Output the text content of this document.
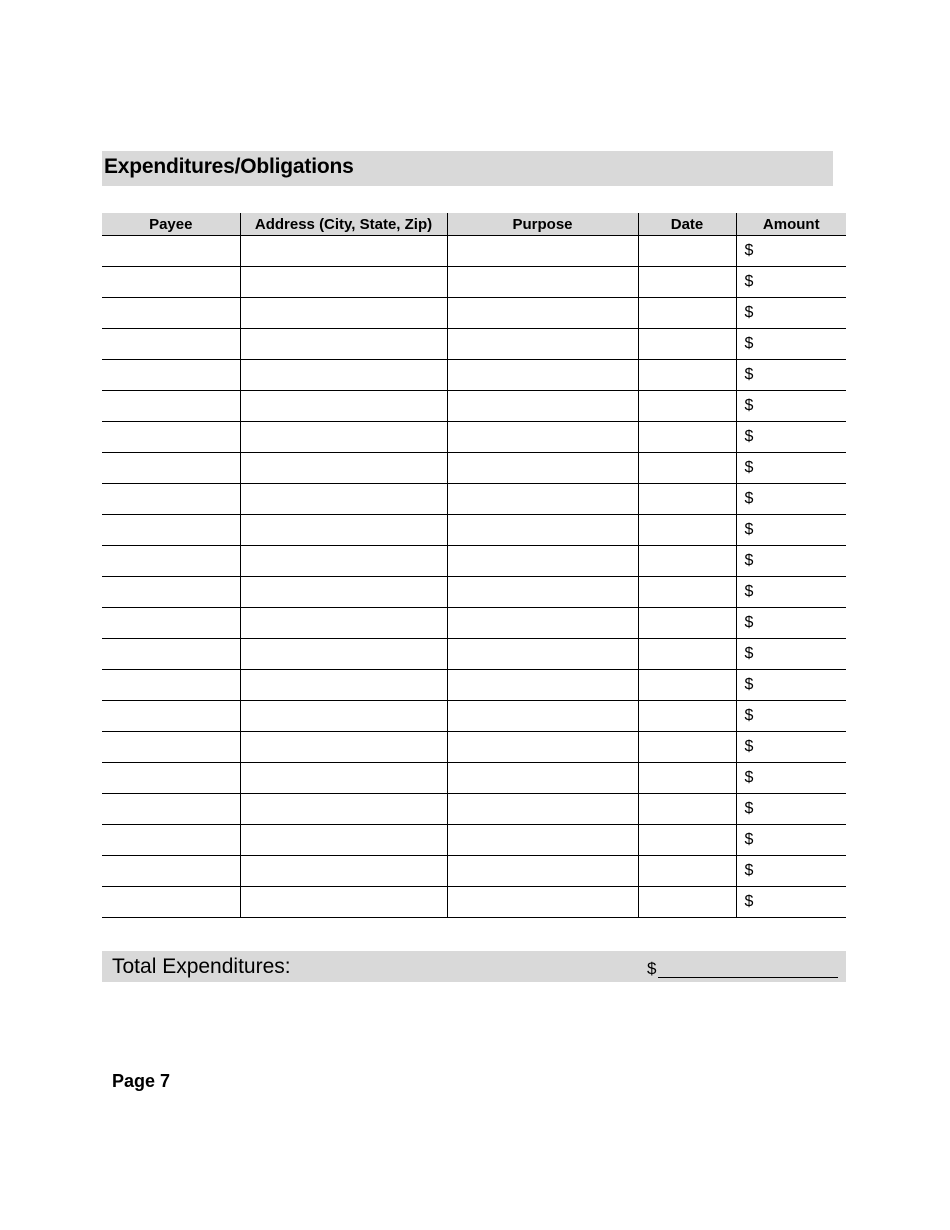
Expenditures/Obligations
Payee	Address (City, State, Zip)	Purpose	Date	Amount
				$
				$
				$
				$
				$
				$
				$
				$
				$
				$
				$
				$
				$
				$
				$
				$
				$
				$
				$
				$
				$
				$
Total Expenditures:	$
Page 7
